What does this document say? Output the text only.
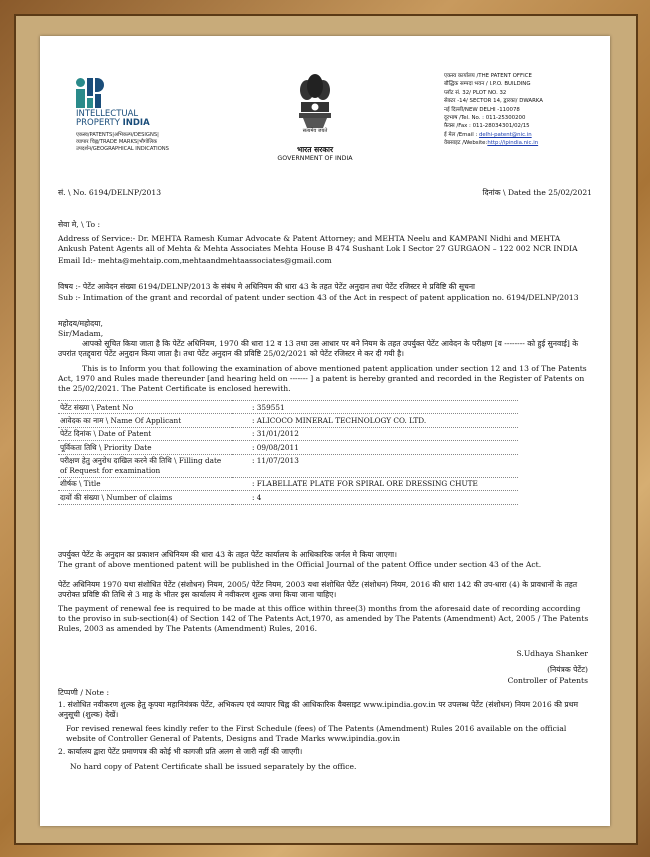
INTELLECTUAL
PROPERTY INDIA
एकस्व/PATENTS|अभिकल्प/DESIGNS|
व्यापार चिह्न/TRADE MARKS|भौगोलिक
उपदर्शन/GEOGRAPHICAL INDICATIONS
सत्यमेव जयते
भारत सरकार
GOVERNMENT OF INDIA
एकस्व कार्यालय /THE PATENT OFFICE
बौद्धिक सम्पदा भवन / I.P.O. BUILDING
प्लॉट सं. 32/ PLOT NO. 32
सेक्टर -14/ SECTOR 14, द्वारका/ DWARKA
नई दिल्ली/NEW DELHI -110078
दूरभाष /Tel. No. : 011-25300200
फ़ैक्स /Fax : 011-28034301/02/15
ई मेल /Email : delhi-patent@nic.in
वेबसाइट /Website:http://ipindia.nic.in
सं. \ No. 6194/DELNP/2013	दिनांक \ Dated the 25/02/2021
सेवा मे, \ To :
Address of Service:- Dr. MEHTA Ramesh Kumar Advocate & Patent Attorney; and MEHTA Neelu and KAMPANI Nidhi and MEHTA Ankush Patent Agents all of Mehta & Mehta Associates Mehta House B 474 Sushant Lok I Sector 27 GURGAON – 122 002 NCR INDIA
Email Id:- mehta@mehtaip.com,mehtaandmehtaassociates@gmail.com
विषय :- पेटेंट आवेदन संख्या 6194/DELNP/2013 के संबंध मे अधिनियम की धारा 43 के तहत पेटेंट अनुदान तथा पेटेंट रजिस्टर मे प्रविष्टि की सूचना
Sub :- Intimation of the grant and recordal of patent under section 43 of the Act in respect of patent application no. 6194/DELNP/2013
महोदय/महोदया,
Sir/Madam,
आपको सूचित किया जाता है कि पेटेंट अधिनियम, 1970 की धारा 12 व 13 तथा उस आधार पर बने नियम के तहत उपर्युक्त पेटेंट आवेदन के परीक्षण [व -------- को हुई सुनवाई] के उपरांत एतद्द्वारा पेटेंट अनुदान किया जाता है। तथा पेटेंट अनुदान की प्रविष्टि 25/02/2021 को पेटेंट रजिस्टर मे कर दी गयी है।
This is to Inform you that following the examination of above mentioned patent application under section 12 and 13 of The Patents Act, 1970 and Rules made thereunder [and hearing held on ------- ] a patent is hereby granted and recorded in the Register of Patents on the 25/02/2021. The Patent Certificate is enclosed herewith.
पेटेंट संख्या \ Patent No	: 359551
आवेदक का नाम \ Name Of Applicant	: ALICOCO MINERAL TECHNOLOGY CO. LTD.
पेटेंट दिनांक \ Date of Patent	: 31/01/2012
पूर्विकता तिथि \ Priority Date	: 09/08/2011
परीक्षण हेतु अनुरोध दाखिल करने की तिथि \ Filling date of Request for examination	: 11/07/2013
शीर्षक \ Title	: FLABELLATE PLATE FOR SPIRAL ORE DRESSING CHUTE
दावों की संख्या \ Number of claims	: 4
उपर्युक्त पेटेंट के अनुदान का प्रकाशन अधिनियम की धारा 43 के तहत पेटेंट कार्यालय के आधिकारिक जर्नल मे किया जाएगा।
The grant of above mentioned patent will be published in the Official Journal of the patent Office under section 43 of the Act.
पेटेंट अधिनियम 1970 यथा संशोधित पेटेंट (संशोधन) नियम, 2005/ पेटेंट नियम, 2003 यथा संशोधित पेटेंट (संशोधन) नियम, 2016 की धारा 142 की उप-धारा (4) के प्रावधानों के तहत उपरोक्त प्रविष्टि की तिथि से 3 माह के भीतर इस कार्यालय मे नवीकरण शुल्क जमा किया जाना चाहिए।
The payment of renewal fee is required to be made at this office within three(3) months from the aforesaid date of recording according to the proviso in sub-section(4) of Section 142 of The Patents Act,1970, as amended by The Patents (Amendment) Act, 2005 / The Patents Rules, 2003 as amended by The Patents (Amendment) Rules, 2016.
S.Udhaya Shanker
(नियंत्रक पेटेंट)
Controller of Patents
टिप्पणी / Note :
1. संशोधित नवीकरण शुल्क हेतु कृपया महानियंत्रक पेटेंट, अभिकल्प एवं व्यापार चिह्न की आधिकारिक वैबसाइट www.ipindia.gov.in पर उपलब्ध पेटेंट (संशोधन) नियम 2016 की प्रथम अनुसूची (शुल्क) देखें।
For revised renewal fees kindly refer to the First Schedule (fees) of The Patents (Amendment) Rules 2016 available on the official website of Controller General of Patents, Designs and Trade Marks www.ipindia.gov.in
2. कार्यालय द्वारा पेटेंट प्रमाणपत्र की कोई भी कागजी प्रति अलग से जारी नहीं की जाएगी।
No hard copy of Patent Certificate shall be issued separately by the office.
